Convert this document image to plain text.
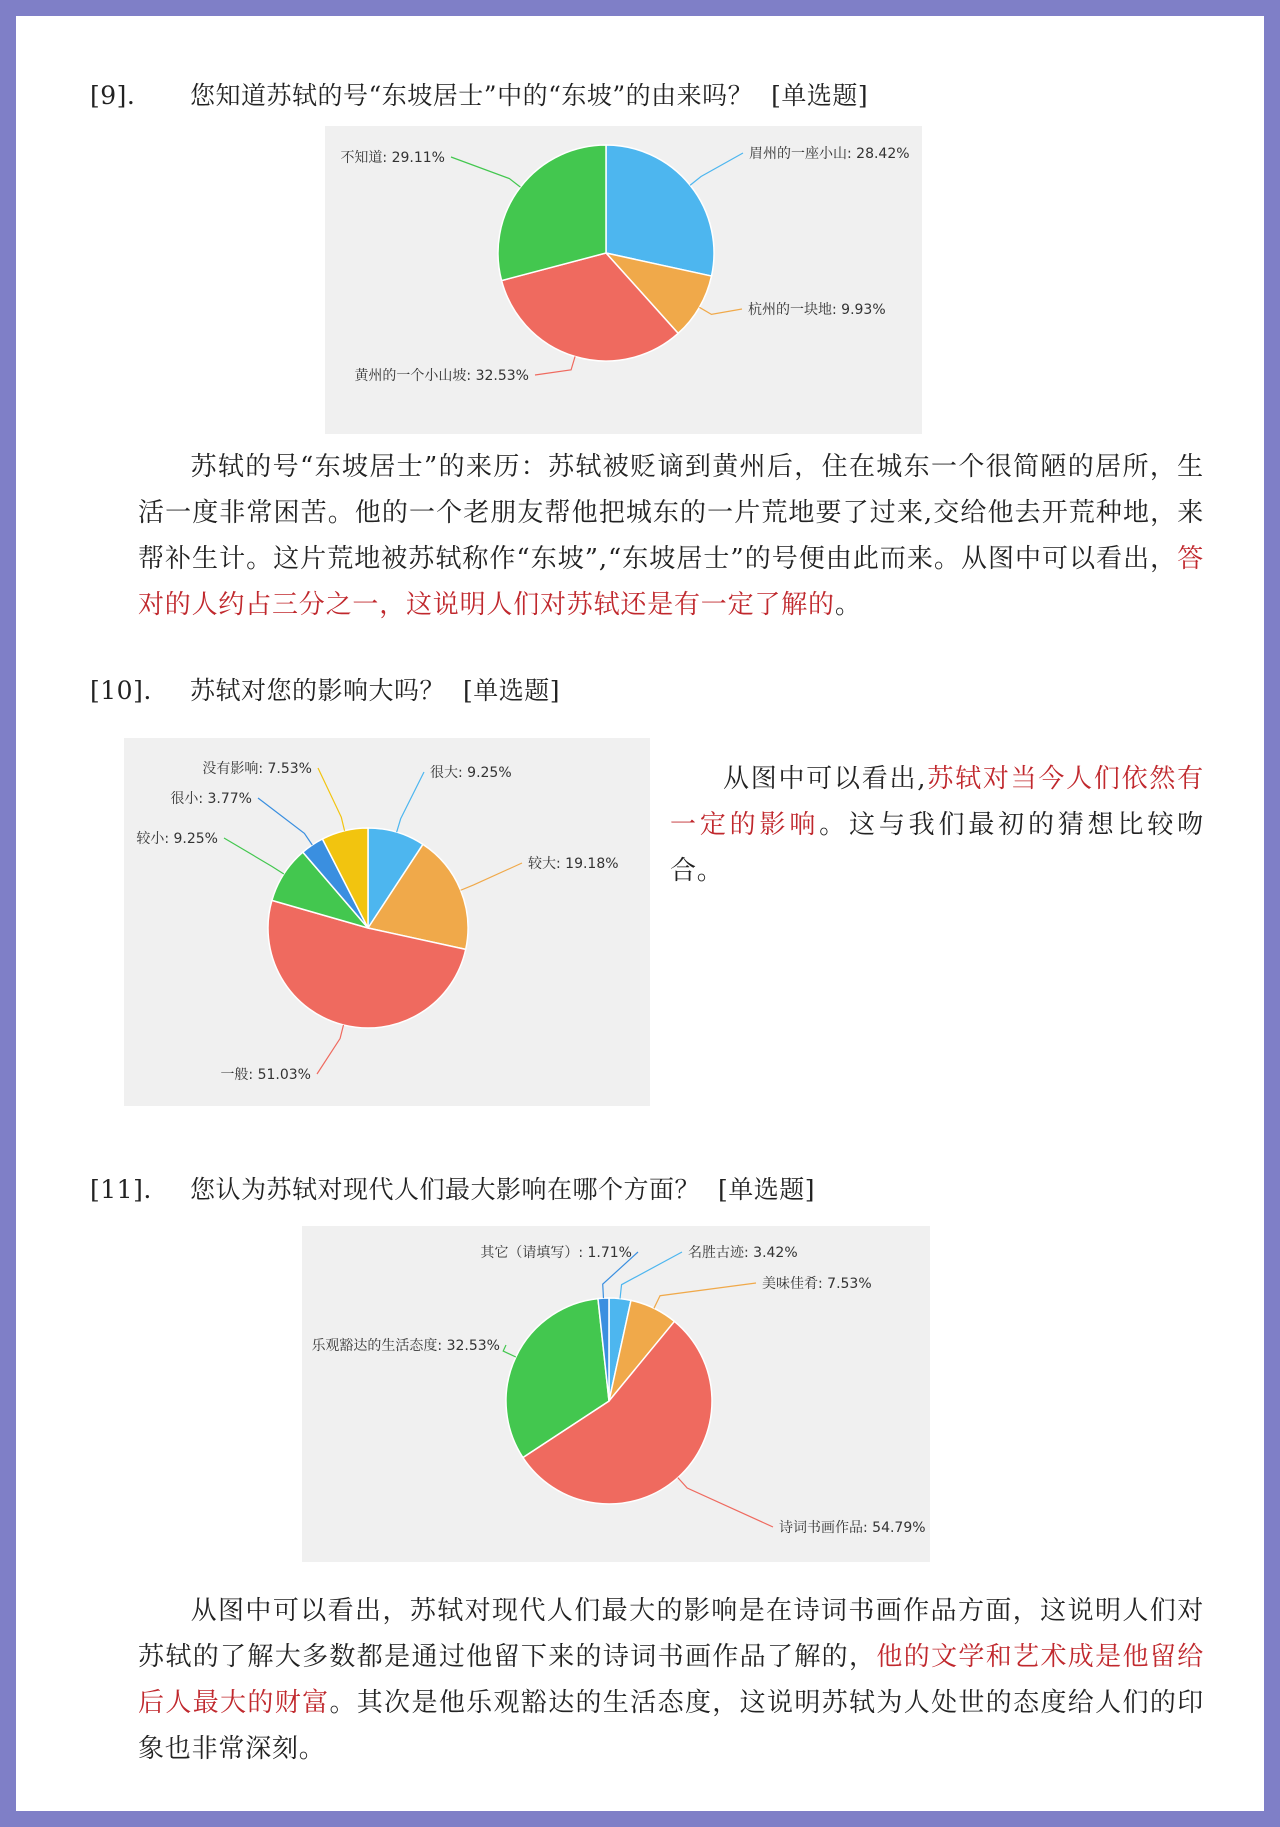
[9]. 您知道苏轼的号“东坡居士”中的“东坡”的由来吗？ [单选题]
眉州的一座小山: 28.42%
杭州的一块地: 9.93%
黄州的一个小山坡: 32.53%
不知道: 29.11%
苏轼的号“东坡居士”的来历：苏轼被贬谪到黄州后，住在城东一个很简陋的居所，生活一度非常困苦。他的一个老朋友帮他把城东的一片荒地要了过来,交给他去开荒种地，来帮补生计。这片荒地被苏轼称作“东坡”,“东坡居士”的号便由此而来。从图中可以看出，答对的人约占三分之一，这说明人们对苏轼还是有一定了解的。
[10]. 苏轼对您的影响大吗？ [单选题]
很大: 9.25%
较大: 19.18%
一般: 51.03%
较小: 9.25%
很小: 3.77%
没有影响: 7.53%	从图中可以看出,苏轼对当今人们依然有一定的影响。这与我们最初的猜想比较吻合。
[11]. 您认为苏轼对现代人们最大影响在哪个方面？ [单选题]
名胜古迹: 3.42%
美味佳肴: 7.53%
诗词书画作品: 54.79%
乐观豁达的生活态度: 32.53%
其它（请填写）: 1.71%
从图中可以看出，苏轼对现代人们最大的影响是在诗词书画作品方面，这说明人们对苏轼的了解大多数都是通过他留下来的诗词书画作品了解的，他的文学和艺术成是他留给后人最大的财富。其次是他乐观豁达的生活态度，这说明苏轼为人处世的态度给人们的印象也非常深刻。
